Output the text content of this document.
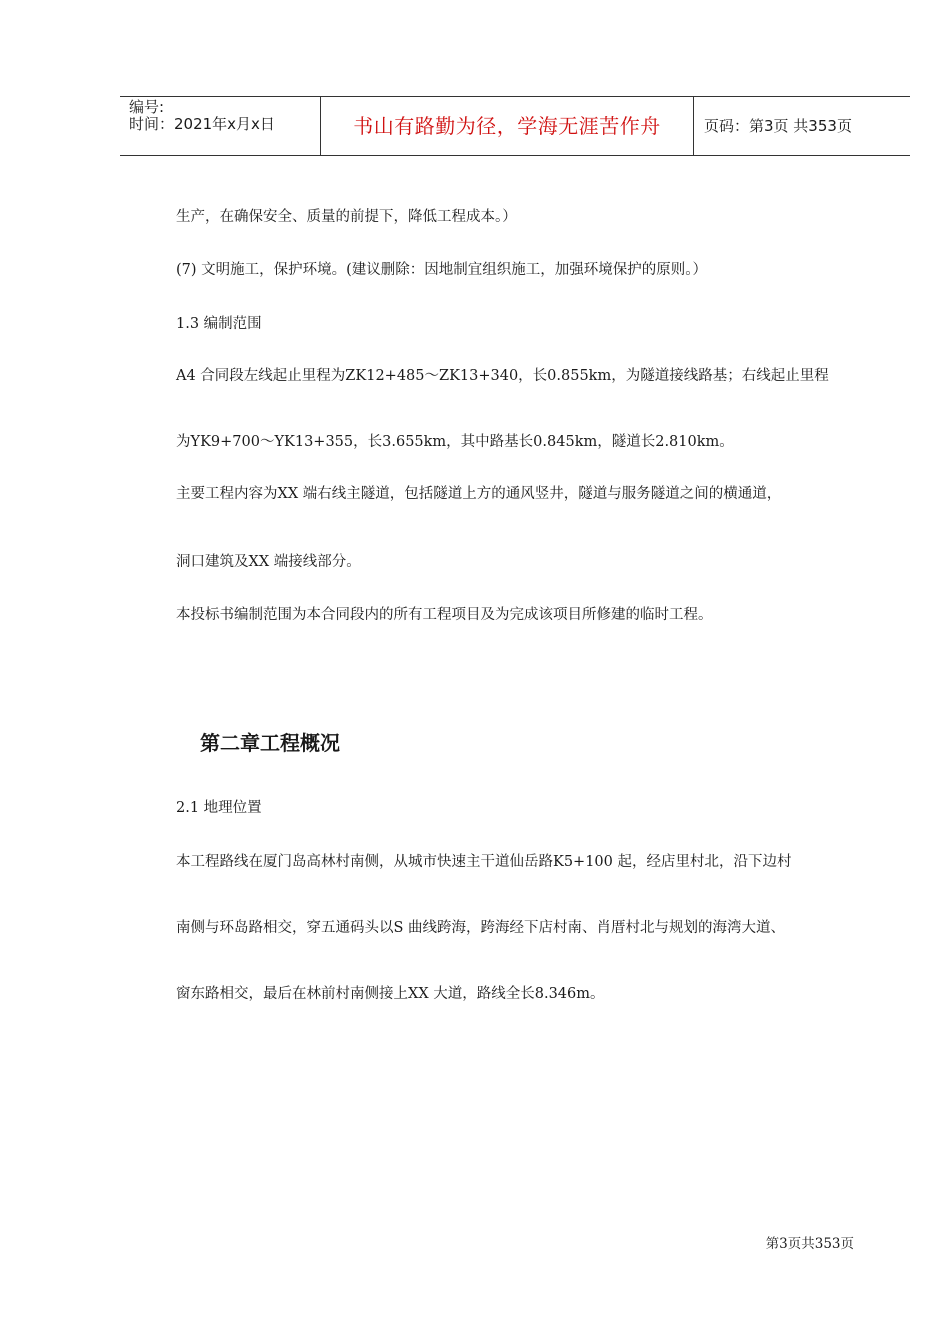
编号:
时间：2021年x月x日	书山有路勤为径，学海无涯苦作舟	页码：第3页 共353页

生产，在确保安全、质量的前提下，降低工程成本。）

(7) 文明施工，保护环境。(建议删除：因地制宜组织施工，加强环境保护的原则。）

1.3 编制范围

A4 合同段左线起止里程为ZK12+485～ZK13+340，长0.855km，为隧道接线路基；右线起止里程

为YK9+700～YK13+355，长3.655km，其中路基长0.845km，隧道长2.810km。

主要工程内容为XX 端右线主隧道，包括隧道上方的通风竖井，隧道与服务隧道之间的横通道，

洞口建筑及XX 端接线部分。

本投标书编制范围为本合同段内的所有工程项目及为完成该项目所修建的临时工程。

第二章工程概况

2.1 地理位置

本工程路线在厦门岛高林村南侧，从城市快速主干道仙岳路K5+100 起，经店里村北，沿下边村

南侧与环岛路相交，穿五通码头以S 曲线跨海，跨海经下店村南、肖厝村北与规划的海湾大道、

窗东路相交，最后在林前村南侧接上XX 大道，路线全长8.346m。

第3页共353页
